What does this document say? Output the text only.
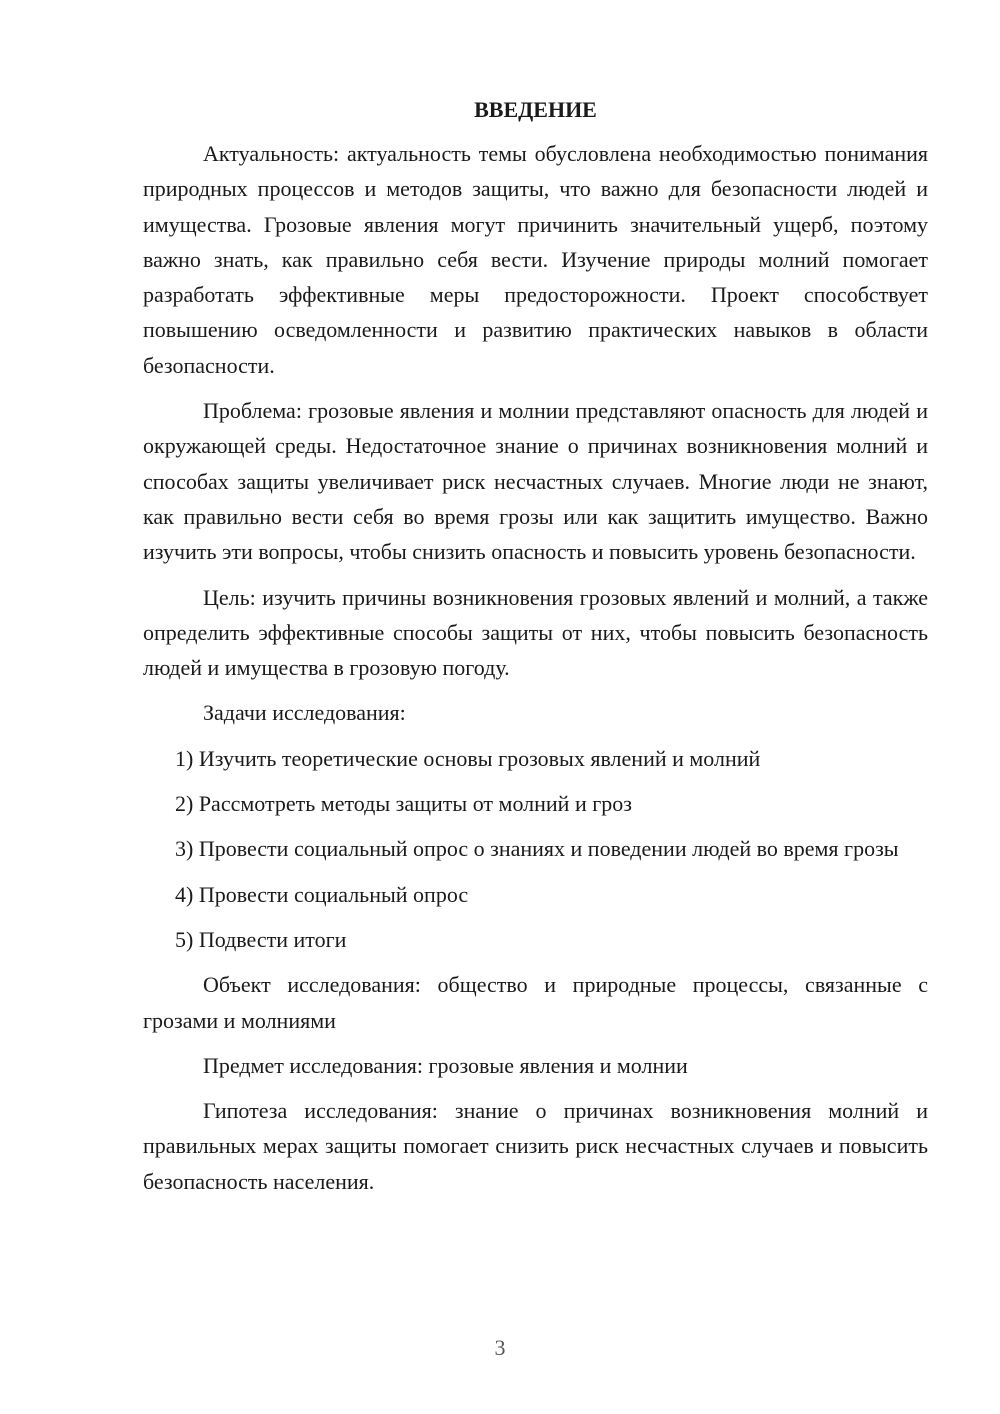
ВВЕДЕНИЕ

Актуальность: актуальность темы обусловлена необходимостью понимания природных процессов и методов защиты, что важно для безопасности людей и имущества. Грозовые явления могут причинить значительный ущерб, поэтому важно знать, как правильно себя вести. Изучение природы молний помогает разработать эффективные меры предосторожности. Проект способствует повышению осведомленности и развитию практических навыков в области безопасности.

Проблема: грозовые явления и молнии представляют опасность для людей и окружающей среды. Недостаточное знание о причинах возникновения молний и способах защиты увеличивает риск несчастных случаев. Многие люди не знают, как правильно вести себя во время грозы или как защитить имущество. Важно изучить эти вопросы, чтобы снизить опасность и повысить уровень безопасности.

Цель: изучить причины возникновения грозовых явлений и молний, а также определить эффективные способы защиты от них, чтобы повысить безопасность людей и имущества в грозовую погоду.

Задачи исследования:

1) Изучить теоретические основы грозовых явлений и молний

2) Рассмотреть методы защиты от молний и гроз

3) Провести социальный опрос о знаниях и поведении людей во время грозы

4) Провести социальный опрос

5) Подвести итоги

Объект исследования: общество и природные процессы, связанные с грозами и молниями

Предмет исследования: грозовые явления и молнии

Гипотеза исследования: знание о причинах возникновения молний и правильных мерах защиты помогает снизить риск несчастных случаев и повысить безопасность населения.

3
